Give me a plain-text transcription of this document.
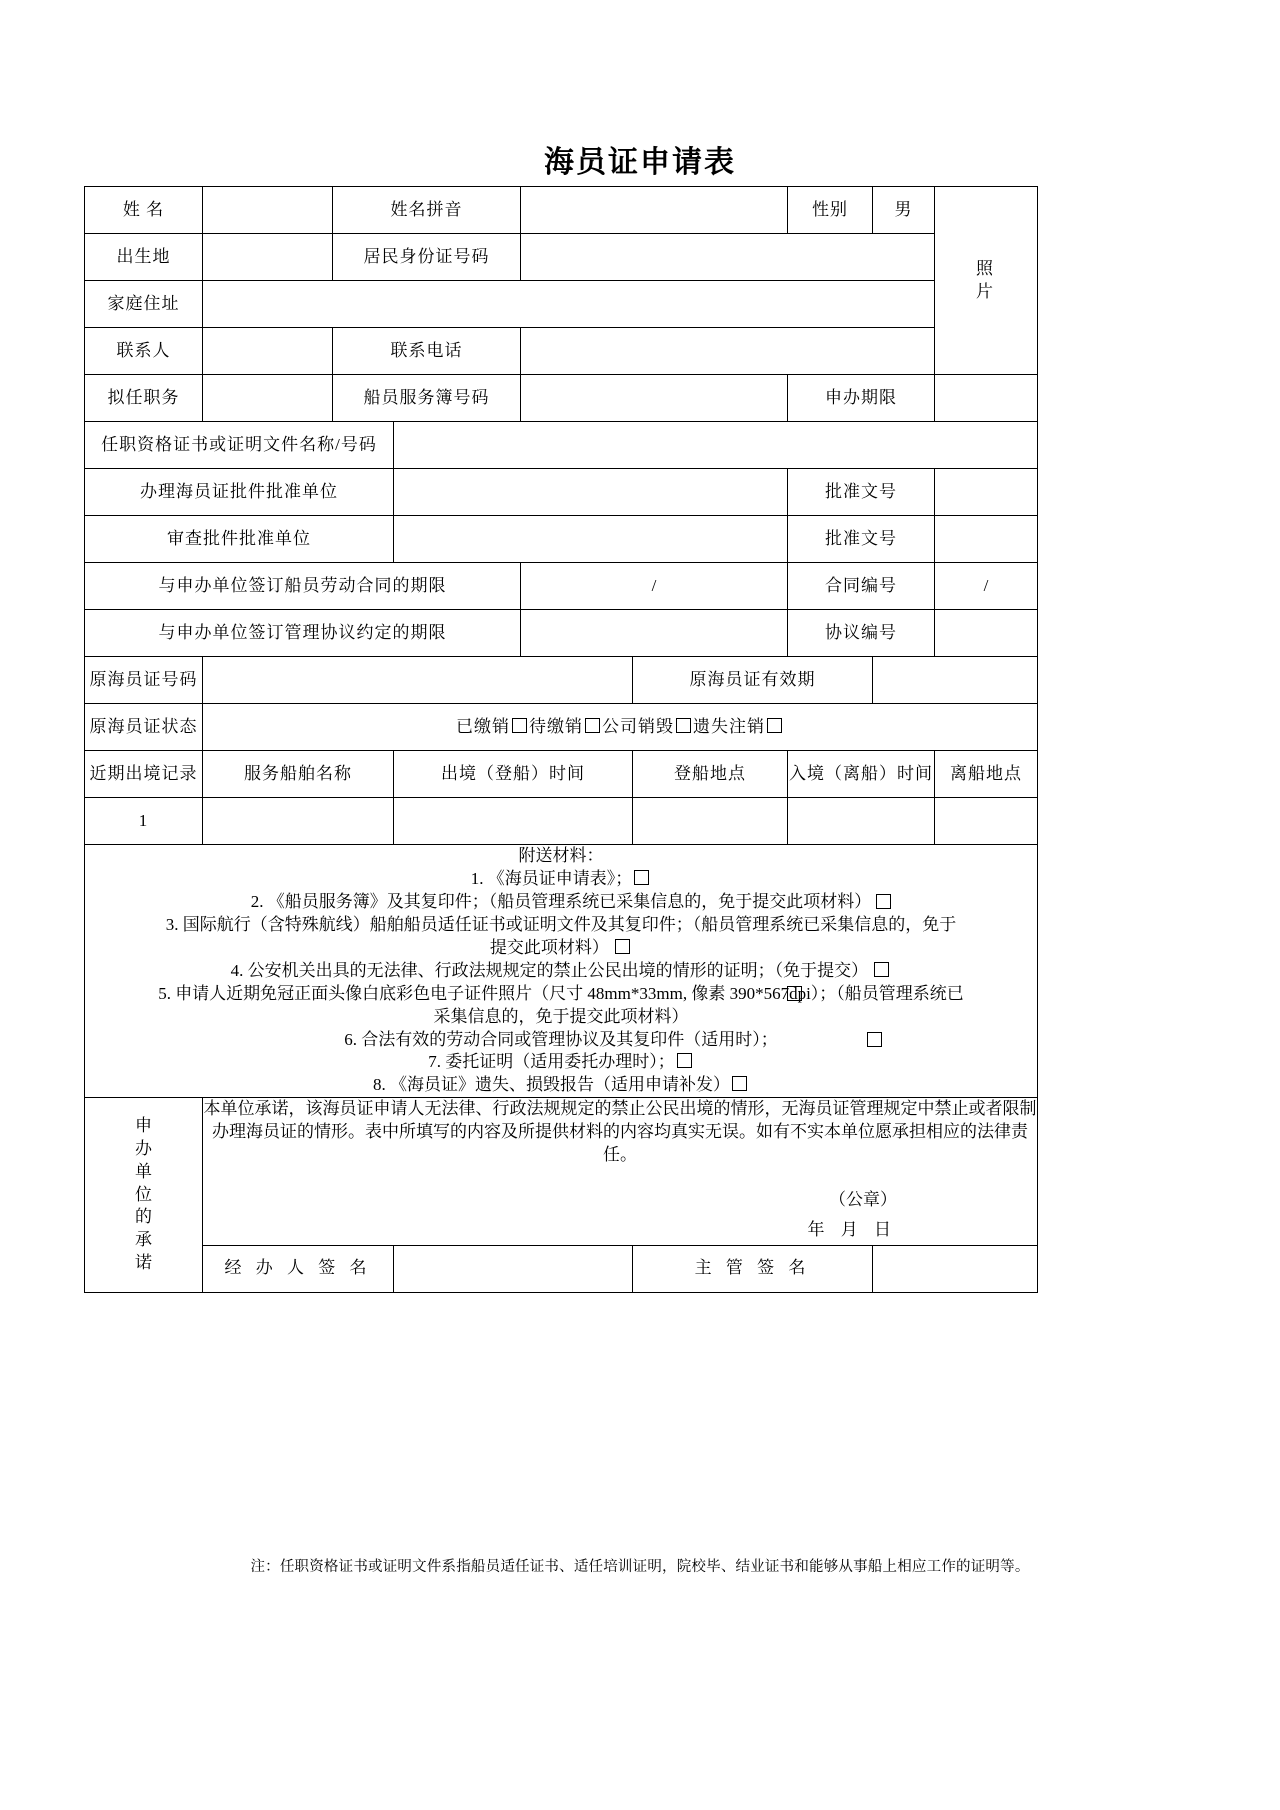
海员证申请表
姓 名		姓名拼音				性别	男	照
片

出生地		居民身份证号码						
家庭住址								
联系人		联系电话						
拟任职务		船员服务簿号码				申办期限		
任职资格证书或证明文件名称/号码								
办理海员证批件批准单位						批准文号		
审查批件批准单位						批准文号		
与申办单位签订船员劳动合同的期限				/		合同编号		/
与申办单位签订管理协议约定的期限						协议编号		
原海员证号码					原海员证有效期			
原海员证状态	已缴销 待缴销 公司销毁 遗失注销							
近期出境记录	服务船舶名称		出境（登船）时间		登船地点	入境（离船）时间		离船地点
1								

附送材料：
1. 《海员证申请表》；
2. 《船员服务簿》及其复印件；（船员管理系统已采集信息的，免于提交此项材料）
3. 国际航行（含特殊航线）船舶船员适任证书或证明文件及其复印件；（船员管理系统已采集信息的，免于
提交此项材料）
4. 公安机关出具的无法律、行政法规规定的禁止公民出境的情形的证明；（免于提交）
5. 申请人近期免冠正面头像白底彩色电子证件照片（尺寸 48mm*33mm, 像素 390*567dpi）；（船员管理系统已
采集信息的，免于提交此项材料）
6. 合法有效的劳动合同或管理协议及其复印件（适用时）；
7. 委托证明（适用委托办理时）；
8. 《海员证》遗失、损毁报告（适用申请补发）

申
办
单
位
的
承
诺	
本单位承诺，该海员证申请人无法律、行政法规规定的禁止公民出境的情形，无海员证管理规定中禁止或者限制办理海员证的情形。表中所填写的内容及所提供材料的内容均真实无误。如有不实本单位愿承担相应的法律责任。
（公章）
年 月 日

	经 办 人 签 名				主 管 签 名			
注：任职资格证书或证明文件系指船员适任证书、适任培训证明，院校毕、结业证书和能够从事船上相应工作的证明等。
